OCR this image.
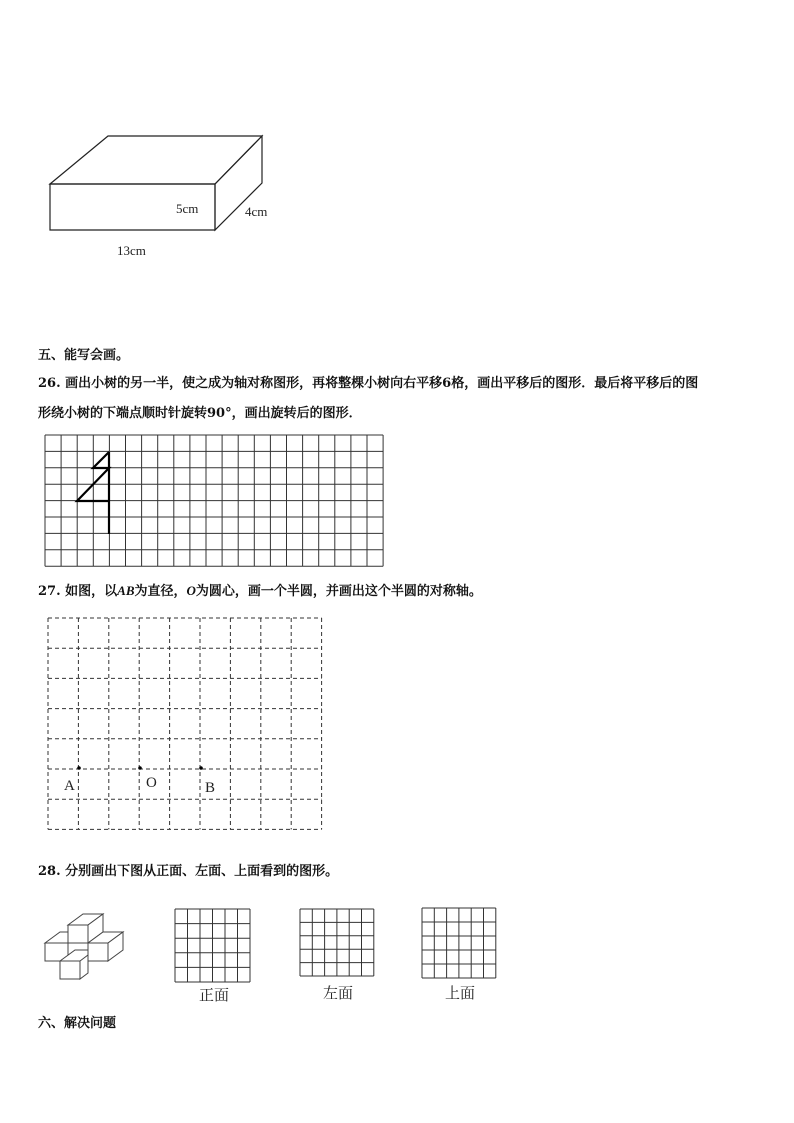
5cm	4cm
13cm
五、能写会画。
26. 画出小树的另一半，使之成为轴对称图形，再将整棵小树向右平移6格，画出平移后的图形．最后将平移后的图
形绕小树的下端点顺时针旋转90°，画出旋转后的图形．
27. 如图，以AB为直径，O为圆心，画一个半圆，并画出这个半圆的对称轴。
A	O	B
28. 分别画出下图从正面、左面、上面看到的图形。
正面	左面	上面
六、解决问题
